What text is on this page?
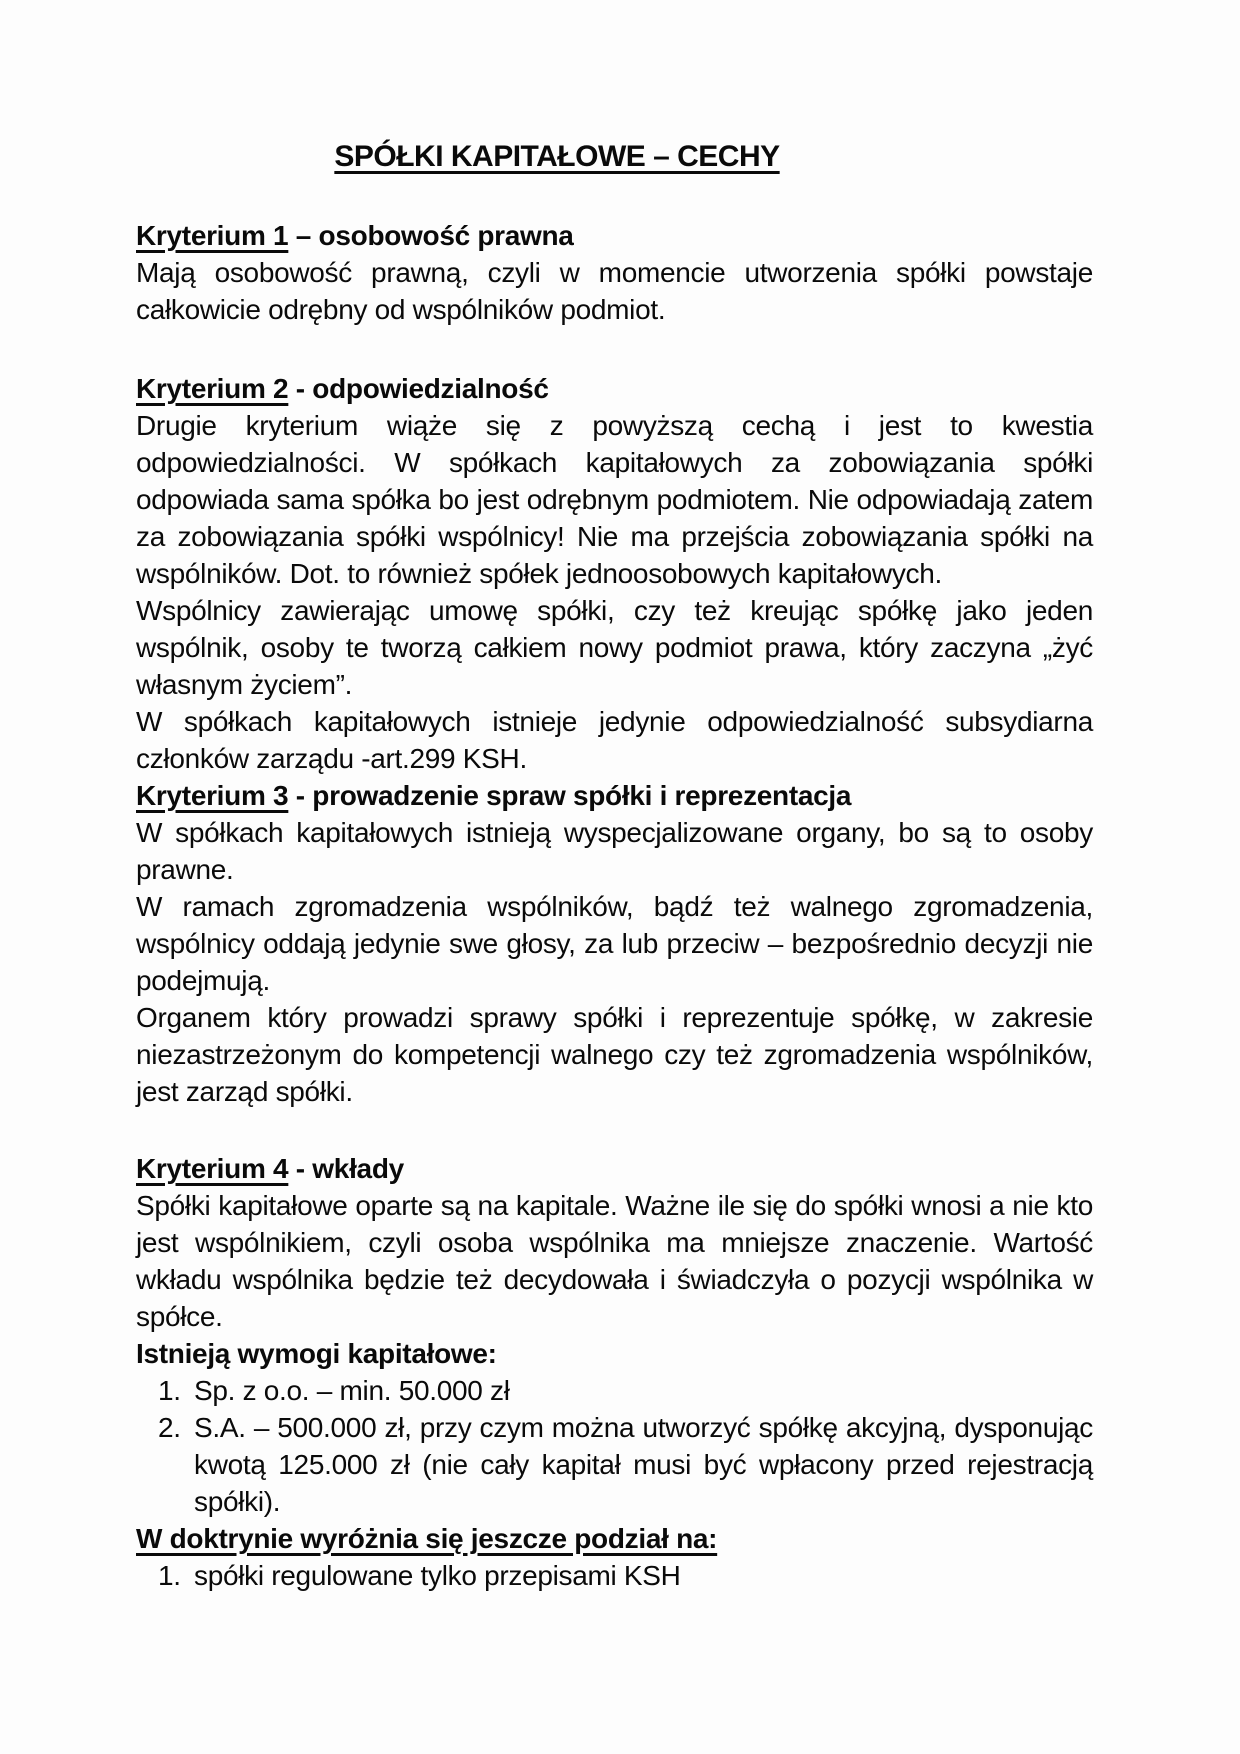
SPÓŁKI KAPITAŁOWE – CECHY

Kryterium 1 – osobowość prawna

Mają osobowość prawną, czyli w momencie utworzenia spółki powstaje całkowicie odrębny od wspólników podmiot.

Kryterium 2 - odpowiedzialność

Drugie kryterium wiąże się z powyższą cechą i jest to kwestia odpowiedzialności. W spółkach kapitałowych za zobowiązania spółki odpowiada sama spółka bo jest odrębnym podmiotem. Nie odpowiadają zatem za zobowiązania spółki wspólnicy! Nie ma przejścia zobowiązania spółki na wspólników. Dot. to również spółek jednoosobowych kapitałowych.

Wspólnicy zawierając umowę spółki, czy też kreując spółkę jako jeden wspólnik, osoby te tworzą całkiem nowy podmiot prawa, który zaczyna „żyć własnym życiem”.

W spółkach kapitałowych istnieje jedynie odpowiedzialność subsydiarna członków zarządu -art.299 KSH.

Kryterium 3 - prowadzenie spraw spółki i reprezentacja

W spółkach kapitałowych istnieją wyspecjalizowane organy, bo są to osoby prawne.

W ramach zgromadzenia wspólników, bądź też walnego zgromadzenia, wspólnicy oddają jedynie swe głosy, za lub przeciw – bezpośrednio decyzji nie podejmują.

Organem który prowadzi sprawy spółki i reprezentuje spółkę, w zakresie niezastrzeżonym do kompetencji walnego czy też zgromadzenia wspólników, jest zarząd spółki.

Kryterium 4 - wkłady

Spółki kapitałowe oparte są na kapitale. Ważne ile się do spółki wnosi a nie kto jest wspólnikiem, czyli osoba wspólnika ma mniejsze znaczenie. Wartość wkładu wspólnika będzie też decydowała i świadczyła o pozycji wspólnika w spółce.

Istnieją wymogi kapitałowe:

1. Sp. z o.o. – min. 50.000 zł
2. S.A. – 500.000 zł, przy czym można utworzyć spółkę akcyjną, dysponując kwotą 125.000 zł (nie cały kapitał musi być wpłacony przed rejestracją spółki).

W doktrynie wyróżnia się jeszcze podział na:

1. spółki regulowane tylko przepisami KSH
